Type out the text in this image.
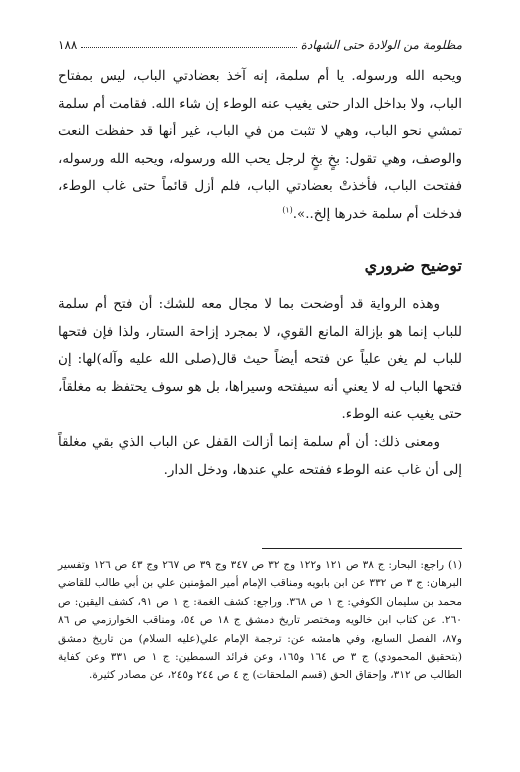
مظلومة من الولادة حتى الشهادة
١٨٨

ويحبه الله ورسوله. يا أم سلمة، إنه آخذ بعضادتي الباب، ليس بمفتاح الباب، ولا بداخل الدار حتى يغيب عنه الوطء إن شاء الله. فقامت أم سلمة تمشي نحو الباب، وهي لا تثبت من في الباب، غير أنها قد حفظت النعت والوصف، وهي تقول: بخٍ بخٍ لرجل يحب الله ورسوله، ويحبه الله ورسوله، ففتحت الباب، فأخذتْ بعضادتي الباب، فلم أزل قائماً حتى غاب الوطء، فدخلت أم سلمة خدرها إلخ..».$^{(١)}$

توضيح ضروري

وهذه الرواية قد أوضحت بما لا مجال معه للشك: أن فتح أم سلمة للباب إنما هو بإزالة المانع القوي، لا بمجرد إزاحة الستار، ولذا فإن فتحها للباب لم يغن علياً عن فتحه أيضاً حيث قال(صلى الله عليه وآله)لها: إن فتحها الباب له لا يعني أنه سيفتحه وسيراها، بل هو سوف يحتفظ به مغلقاً، حتى يغيب عنه الوطء.

ومعنى ذلك: أن أم سلمة إنما أزالت القفل عن الباب الذي بقي مغلقاً إلى أن غاب عنه الوطء ففتحه علي عندها، ودخل الدار.

(١) راجع: البحار: ج ٣٨ ص ١٢١ و١٢٢ وج ٣٢ ص ٣٤٧ وج ٣٩ ص ٢٦٧ وج ٤٣ ص ١٢٦ وتفسير البرهان: ج ٣ ص ٣٣٢ عن ابن بابويه ومناقب الإمام أمير المؤمنين علي بن أبي طالب للقاضي محمد بن سليمان الكوفي: ج ١ ص ٣٦٨. وراجع: كشف الغمة: ج ١ ص ٩١، كشف اليقين: ص ٢٦٠. عن كتاب ابن خالويه ومختصر تاريخ دمشق ج ١٨ ص ٥٤، ومناقب الخوارزمي ص ٨٦ و٨٧، الفصل السابع، وفي هامشه عن: ترجمة الإمام علي(عليه السلام) من تاريخ دمشق (بتحقيق المحمودي) ج ٣ ص ١٦٤ و١٦٥، وعن فرائد السمطين: ج ١ ص ٣٣١ وعن كفاية الطالب ص ٣١٢، وإحقاق الحق (قسم الملحقات) ج ٤ ص ٢٤٤ و٢٤٥، عن مصادر كثيرة.
